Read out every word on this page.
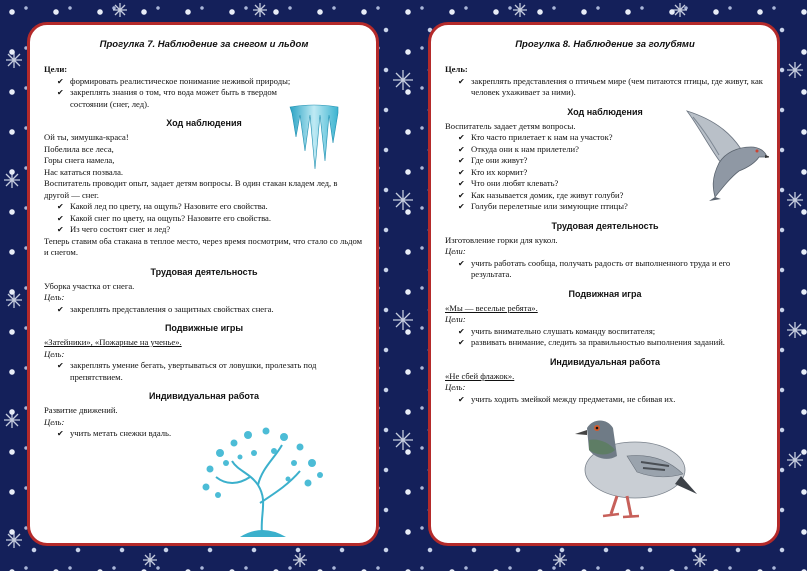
Прогулка 7. Наблюдение за снегом и льдом
Цели:
✔ формировать реалистическое понимание неживой природы;
✔ закреплять знания о том, что вода может быть в твердом состоянии (снег, лед).
Ход наблюдения
Ой ты, зимушка-краса!
Побелила все леса,
Горы снега намела,
Нас кататься позвала.
Воспитатель проводит опыт, задает детям вопросы. В один стакан кладем лед, в другой — снег.
✔ Какой лед по цвету, на ощупь? Назовите его свойства.
✔ Какой снег по цвету, на ощупь? Назовите его свойства.
✔ Из чего состоят снег и лед?
Теперь ставим оба стакана в теплое место, через время посмотрим, что стало со льдом и снегом.
Трудовая деятельность
Уборка участка от снега.
Цель:
✔ закреплять представления о защитных свойствах снега.
Подвижные игры
«Затейники», «Пожарные на ученье».
Цель:
✔ закреплять умение бегать, увертываться от ловушки, пролезать под препятствием.
Индивидуальная работа
Развитие движений.
Цель:
✔ учить метать снежки вдаль.
Прогулка 8. Наблюдение за голубями
Цель:
✔ закреплять представления о птичьем мире (чем питаются птицы, где живут, как человек ухаживает за ними).
Ход наблюдения
Воспитатель задает детям вопросы.
✔ Кто часто прилетает к нам на участок?
✔ Откуда они к нам прилетели?
✔ Где они живут?
✔ Кто их кормит?
✔ Что они любят клевать?
✔ Как называется домик, где живут голуби?
✔ Голуби перелетные или зимующие птицы?
Трудовая деятельность
Изготовление горки для кукол.
Цели:
✔ учить работать сообща, получать радость от выполненного труда и его результата.
Подвижная игра
«Мы — веселые ребята».
Цели:
✔ учить внимательно слушать команду воспитателя;
✔ развивать внимание, следить за правильностью выполнения заданий.
Индивидуальная работа
«Не сбей флажок».
Цель:
✔ учить ходить змейкой между предметами, не сбивая их.
